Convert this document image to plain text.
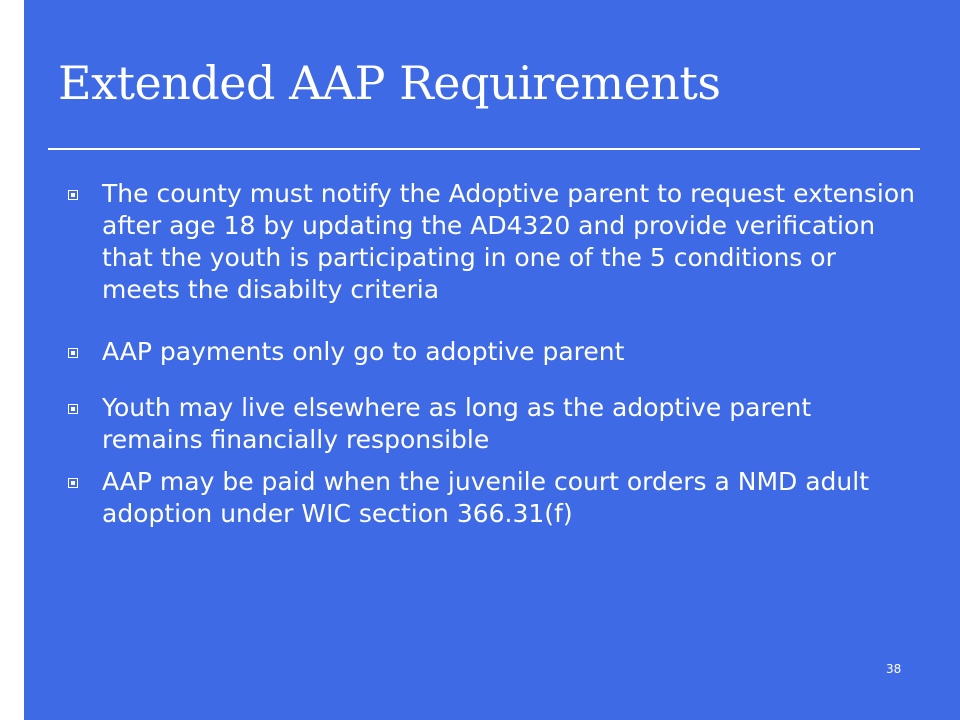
Extended AAP Requirements
The county must notify the Adoptive parent to request extension after age 18 by updating the AD4320 and provide verification that the youth is participating in one of the 5 conditions or meets the disabilty criteria
AAP payments only go to adoptive parent
Youth may live elsewhere as long as the adoptive parent remains financially responsible
AAP may be paid when the juvenile court orders a NMD adult adoption under WIC section 366.31(f)
38
